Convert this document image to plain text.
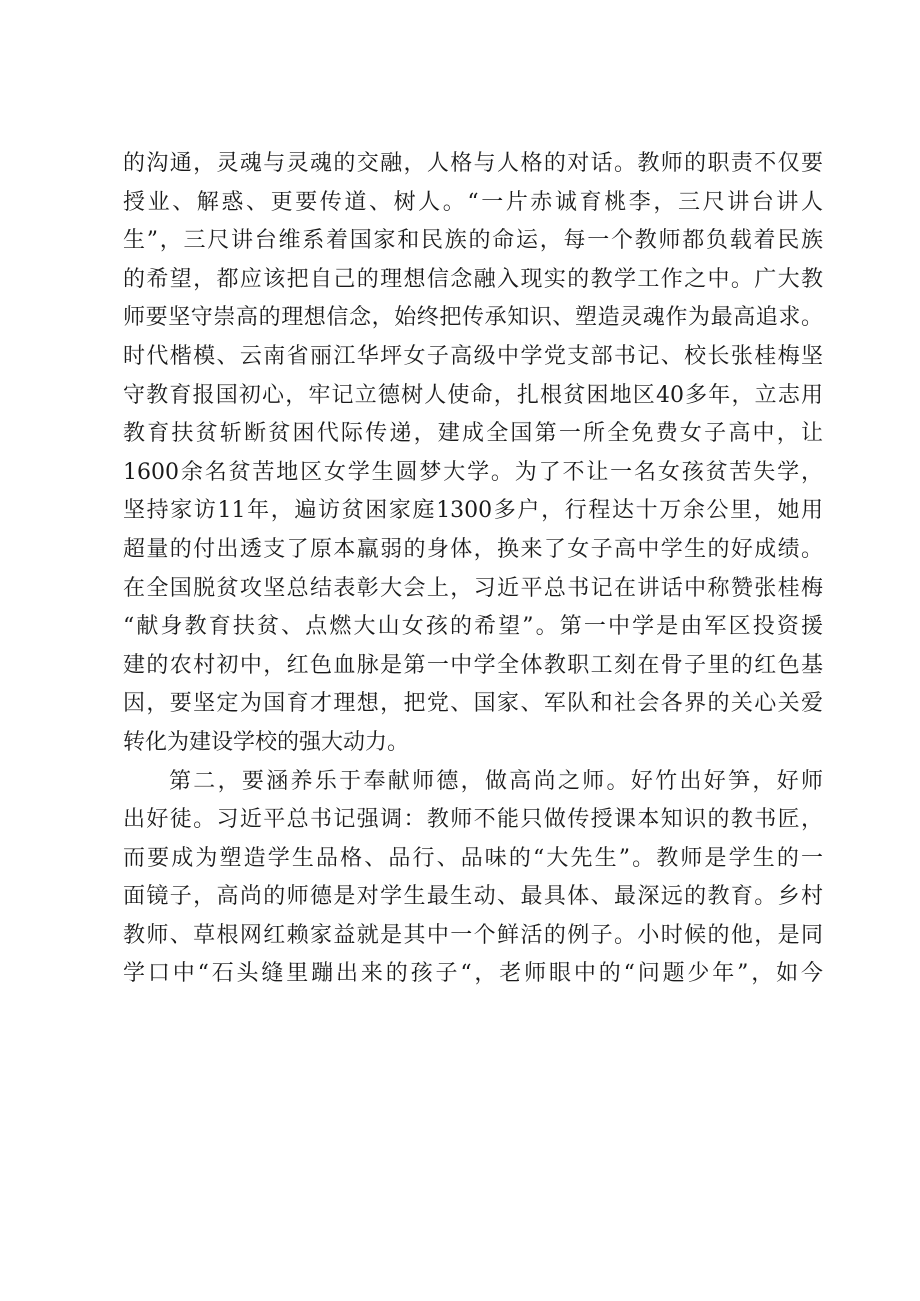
的沟通，灵魂与灵魂的交融，人格与人格的对话。教师的职责不仅要
授业、解惑、更要传道、树人。“一片赤诚育桃李，三尺讲台讲人
生”，三尺讲台维系着国家和民族的命运，每一个教师都负载着民族
的希望，都应该把自己的理想信念融入现实的教学工作之中。广大教
师要坚守崇高的理想信念，始终把传承知识、塑造灵魂作为最高追求。
时代楷模、云南省丽江华坪女子高级中学党支部书记、校长张桂梅坚
守教育报国初心，牢记立德树人使命，扎根贫困地区40多年，立志用
教育扶贫斩断贫困代际传递，建成全国第一所全免费女子高中，让
1600余名贫苦地区女学生圆梦大学。为了不让一名女孩贫苦失学，
坚持家访11年，遍访贫困家庭1300多户，行程达十万余公里，她用
超量的付出透支了原本羸弱的身体，换来了女子高中学生的好成绩。
在全国脱贫攻坚总结表彰大会上，习近平总书记在讲话中称赞张桂梅
“献身教育扶贫、点燃大山女孩的希望”。第一中学是由军区投资援
建的农村初中，红色血脉是第一中学全体教职工刻在骨子里的红色基
因，要坚定为国育才理想，把党、国家、军队和社会各界的关心关爱
转化为建设学校的强大动力。
第二，要涵养乐于奉献师德，做高尚之师。好竹出好笋，好师
出好徒。习近平总书记强调：教师不能只做传授课本知识的教书匠，
而要成为塑造学生品格、品行、品味的“大先生”。教师是学生的一
面镜子，高尚的师德是对学生最生动、最具体、最深远的教育。乡村
教师、草根网红赖家益就是其中一个鲜活的例子。小时候的他，是同
学口中“石头缝里蹦出来的孩子“，老师眼中的“问题少年”，如今
